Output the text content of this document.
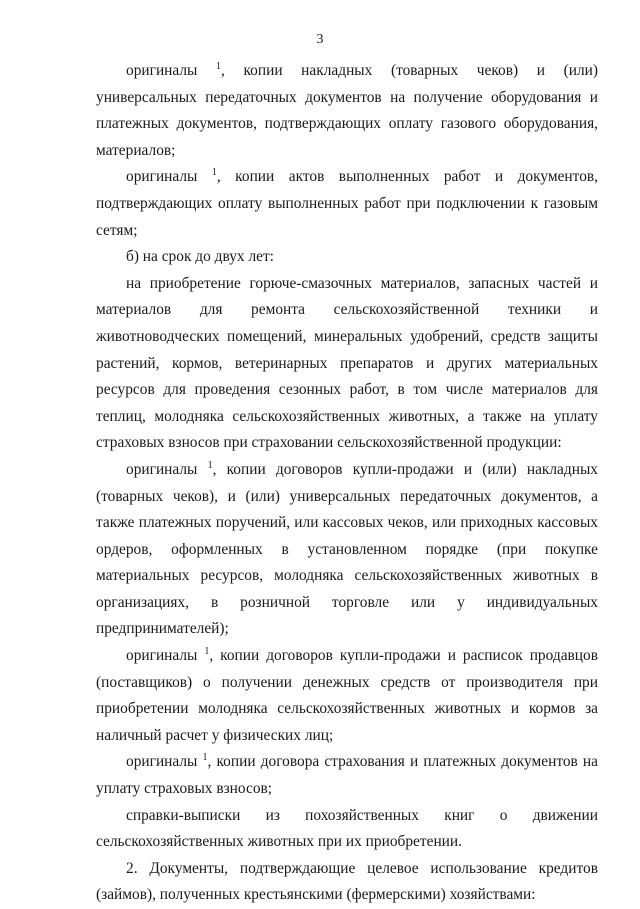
3

оригиналы $^1$, копии накладных (товарных чеков) и (или) универсальных передаточных документов на получение оборудования и платежных документов, подтверждающих оплату газового оборудования, материалов;

оригиналы $^1$, копии актов выполненных работ и документов, подтверждающих оплату выполненных работ при подключении к газовым сетям;

б) на срок до двух лет:

на приобретение горюче-смазочных материалов, запасных частей и материалов для ремонта сельскохозяйственной техники и животноводческих помещений, минеральных удобрений, средств защиты растений, кормов, ветеринарных препаратов и других материальных ресурсов для проведения сезонных работ, в том числе материалов для теплиц, молодняка сельскохозяйственных животных, а также на уплату страховых взносов при страховании сельскохозяйственной продукции:

оригиналы $^1$, копии договоров купли-продажи и (или) накладных (товарных чеков), и (или) универсальных передаточных документов, а также платежных поручений, или кассовых чеков, или приходных кассовых ордеров, оформленных в установленном порядке (при покупке материальных ресурсов, молодняка сельскохозяйственных животных в организациях, в розничной торговле или у индивидуальных предпринимателей);

оригиналы $^1$, копии договоров купли-продажи и расписок продавцов (поставщиков) о получении денежных средств от производителя при приобретении молодняка сельскохозяйственных животных и кормов за наличный расчет у физических лиц;

оригиналы $^1$, копии договора страхования и платежных документов на уплату страховых взносов;

справки-выписки из похозяйственных книг о движении сельскохозяйственных животных при их приобретении.

2. Документы, подтверждающие целевое использование кредитов (займов), полученных крестьянскими (фермерскими) хозяйствами:
